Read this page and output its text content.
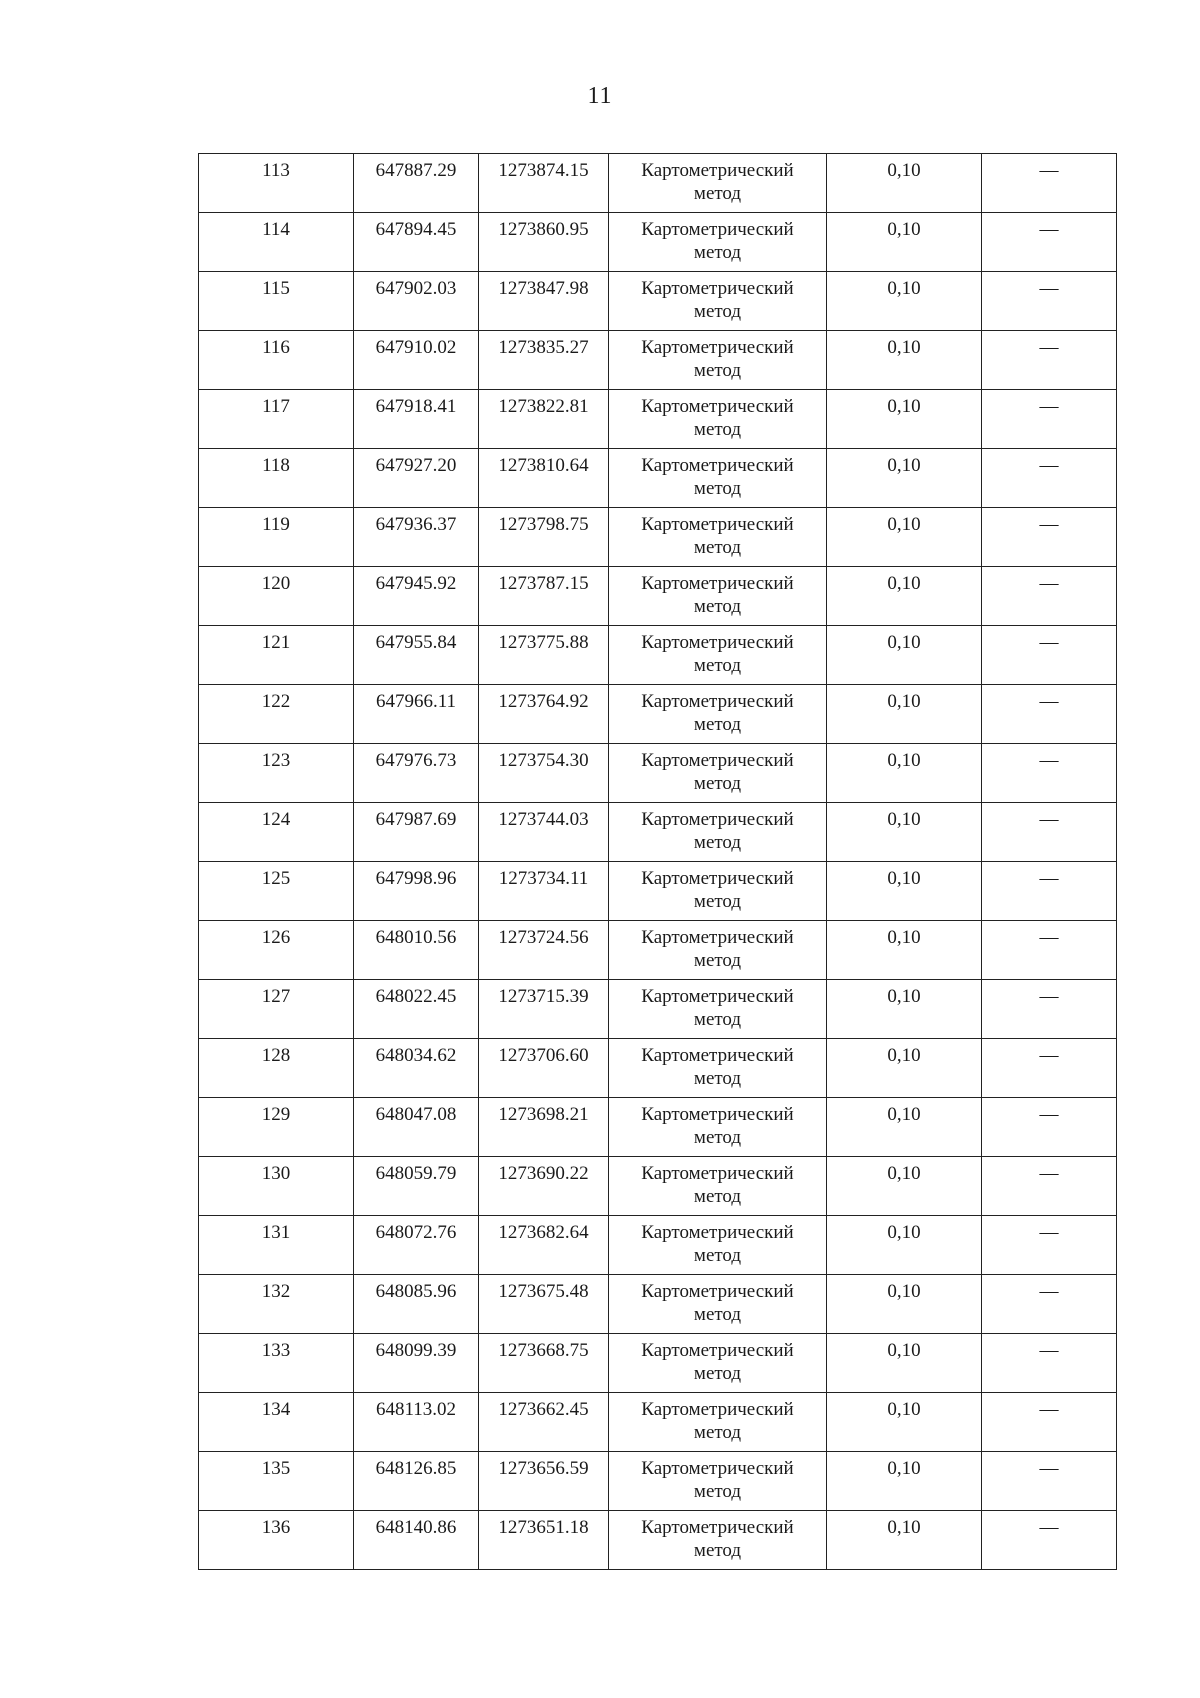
11
113	647887.29	1273874.15	Картометрический
метод	0,10	—
114	647894.45	1273860.95	Картометрический
метод	0,10	—
115	647902.03	1273847.98	Картометрический
метод	0,10	—
116	647910.02	1273835.27	Картометрический
метод	0,10	—
117	647918.41	1273822.81	Картометрический
метод	0,10	—
118	647927.20	1273810.64	Картометрический
метод	0,10	—
119	647936.37	1273798.75	Картометрический
метод	0,10	—
120	647945.92	1273787.15	Картометрический
метод	0,10	—
121	647955.84	1273775.88	Картометрический
метод	0,10	—
122	647966.11	1273764.92	Картометрический
метод	0,10	—
123	647976.73	1273754.30	Картометрический
метод	0,10	—
124	647987.69	1273744.03	Картометрический
метод	0,10	—
125	647998.96	1273734.11	Картометрический
метод	0,10	—
126	648010.56	1273724.56	Картометрический
метод	0,10	—
127	648022.45	1273715.39	Картометрический
метод	0,10	—
128	648034.62	1273706.60	Картометрический
метод	0,10	—
129	648047.08	1273698.21	Картометрический
метод	0,10	—
130	648059.79	1273690.22	Картометрический
метод	0,10	—
131	648072.76	1273682.64	Картометрический
метод	0,10	—
132	648085.96	1273675.48	Картометрический
метод	0,10	—
133	648099.39	1273668.75	Картометрический
метод	0,10	—
134	648113.02	1273662.45	Картометрический
метод	0,10	—
135	648126.85	1273656.59	Картометрический
метод	0,10	—
136	648140.86	1273651.18	Картометрический
метод	0,10	—
